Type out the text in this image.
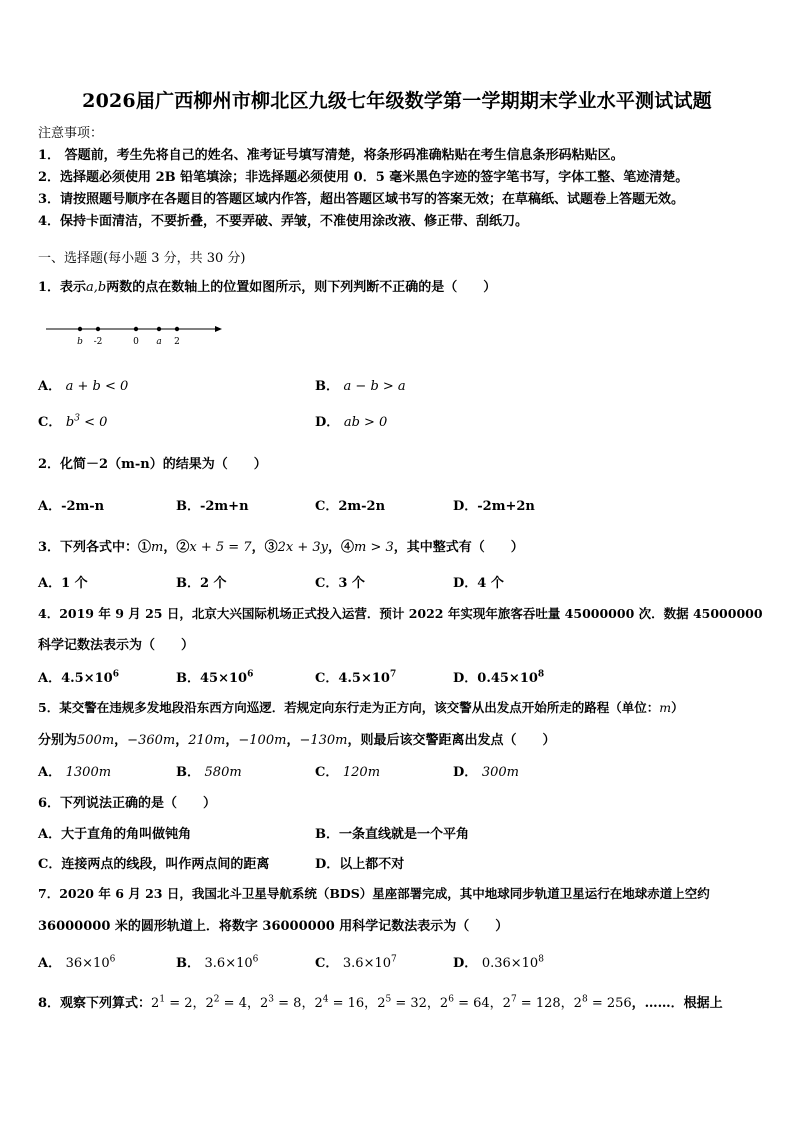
2026届广西柳州市柳北区九级七年级数学第一学期期末学业水平测试试题
注意事项：
1． 答题前，考生先将自己的姓名、准考证号填写清楚，将条形码准确粘贴在考生信息条形码粘贴区。
2．选择题必须使用 2B 铅笔填涂；非选择题必须使用 0．5 毫米黑色字迹的签字笔书写，字体工整、笔迹清楚。
3．请按照题号顺序在各题目的答题区域内作答，超出答题区域书写的答案无效；在草稿纸、试题卷上答题无效。
4．保持卡面清洁，不要折叠，不要弄破、弄皱，不准使用涂改液、修正带、刮纸刀。
一、选择题(每小题 3 分，共 30 分)
1．表示a,b两数的点在数轴上的位置如图所示，则下列判断不正确的是（　　）
b -2	0 a 2
A． a + b < 0	B． a − b > a
C． $b^3 < 0$	D． ab > 0
2．化简－2（m-n）的结果为（　　）
A．-2m-n	B．-2m+n	C．2m-2n	D．-2m+2n
3．下列各式中：①m，②x + 5 = 7，③2x + 3y，④m > 3，其中整式有（　　）
A．1 个	B．2 个	C．3 个	D．4 个
4．2019 年 9 月 25 日，北京大兴国际机场正式投入运营．预计 2022 年实现年旅客吞吐量 45000000 次．数据 45000000
科学记数法表示为（　　）
A．$4.5\times 10^6$	B．$45\times 10^6$	C．$4.5\times 10^7$	D．$0.45\times 10^8$
5．某交警在违规多发地段沿东西方向巡逻．若规定向东行走为正方向，该交警从出发点开始所走的路程（单位：m）
分别为500m，−360m，210m，−100m，−130m，则最后该交警距离出发点（　　）
A． 1300m	B． 580m	C． 120m	D． 300m
6．下列说法正确的是（　　）
A．大于直角的角叫做钝角	B．一条直线就是一个平角
C．连接两点的线段，叫作两点间的距离	D．以上都不对
7．2020 年 6 月 23 日，我国北斗卫星导航系统（BDS）星座部署完成，其中地球同步轨道卫星运行在地球赤道上空约
36000000 米的圆形轨道上．将数字 36000000 用科学记数法表示为（　　）
A． $36\times 10^6$	B． $3.6\times 10^6$	C． $3.6\times 10^7$	D． $0.36\times 10^8$
8．观察下列算式：$2^1 = 2$，$2^2 = 4$，$2^3 = 8$，$2^4 = 16$，$2^5 = 32$，$2^6 = 64$，$2^7 = 128$，$2^8 = 256$，……．根据上
